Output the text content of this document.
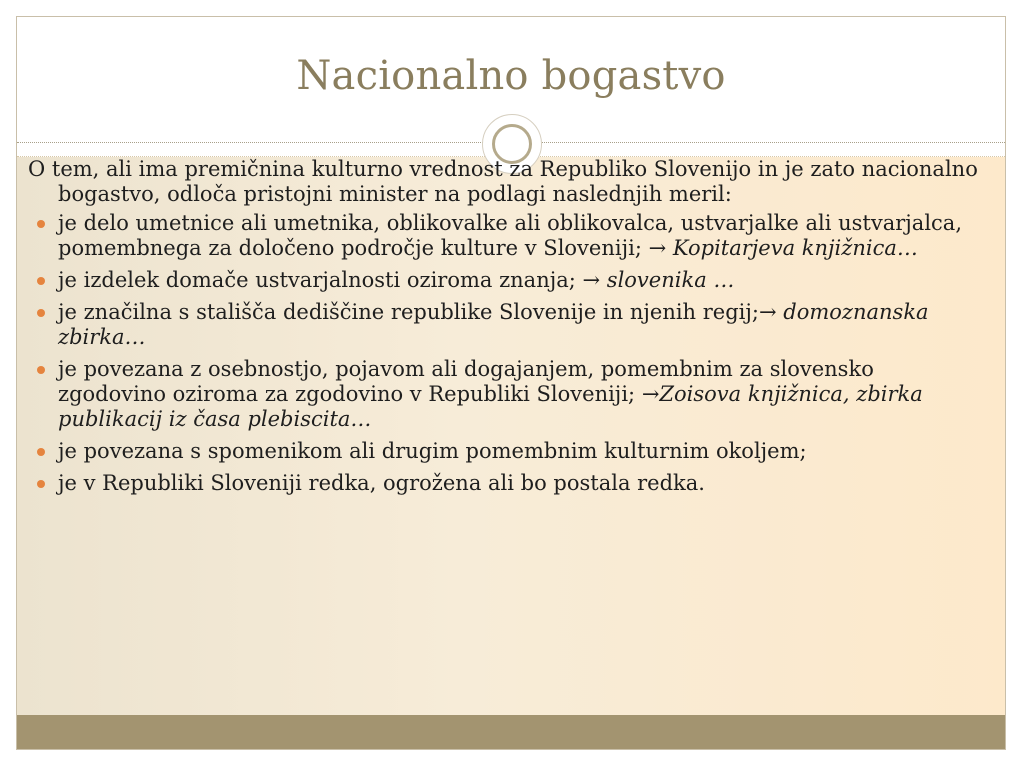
Nacionalno bogastvo

O tem, ali ima premičnina kulturno vrednost za Republiko Slovenijo in je zato nacionalno bogastvo, odloča pristojni minister na podlagi naslednjih meril:

je delo umetnice ali umetnika, oblikovalke ali oblikovalca, ustvarjalke ali ustvarjalca, pomembnega za določeno področje kulture v Sloveniji; → Kopitarjeva knjižnica…
je izdelek domače ustvarjalnosti oziroma znanja; → slovenika …
je značilna s stališča dediščine republike Slovenije in njenih regij;→ domoznanska zbirka…
je povezana z osebnostjo, pojavom ali dogajanjem, pomembnim za slovensko zgodovino oziroma za zgodovino v Republiki Sloveniji; →Zoisova knjižnica, zbirka publikacij iz časa plebiscita…
je povezana s spomenikom ali drugim pomembnim kulturnim okoljem;
je v Republiki Sloveniji redka, ogrožena ali bo postala redka.
